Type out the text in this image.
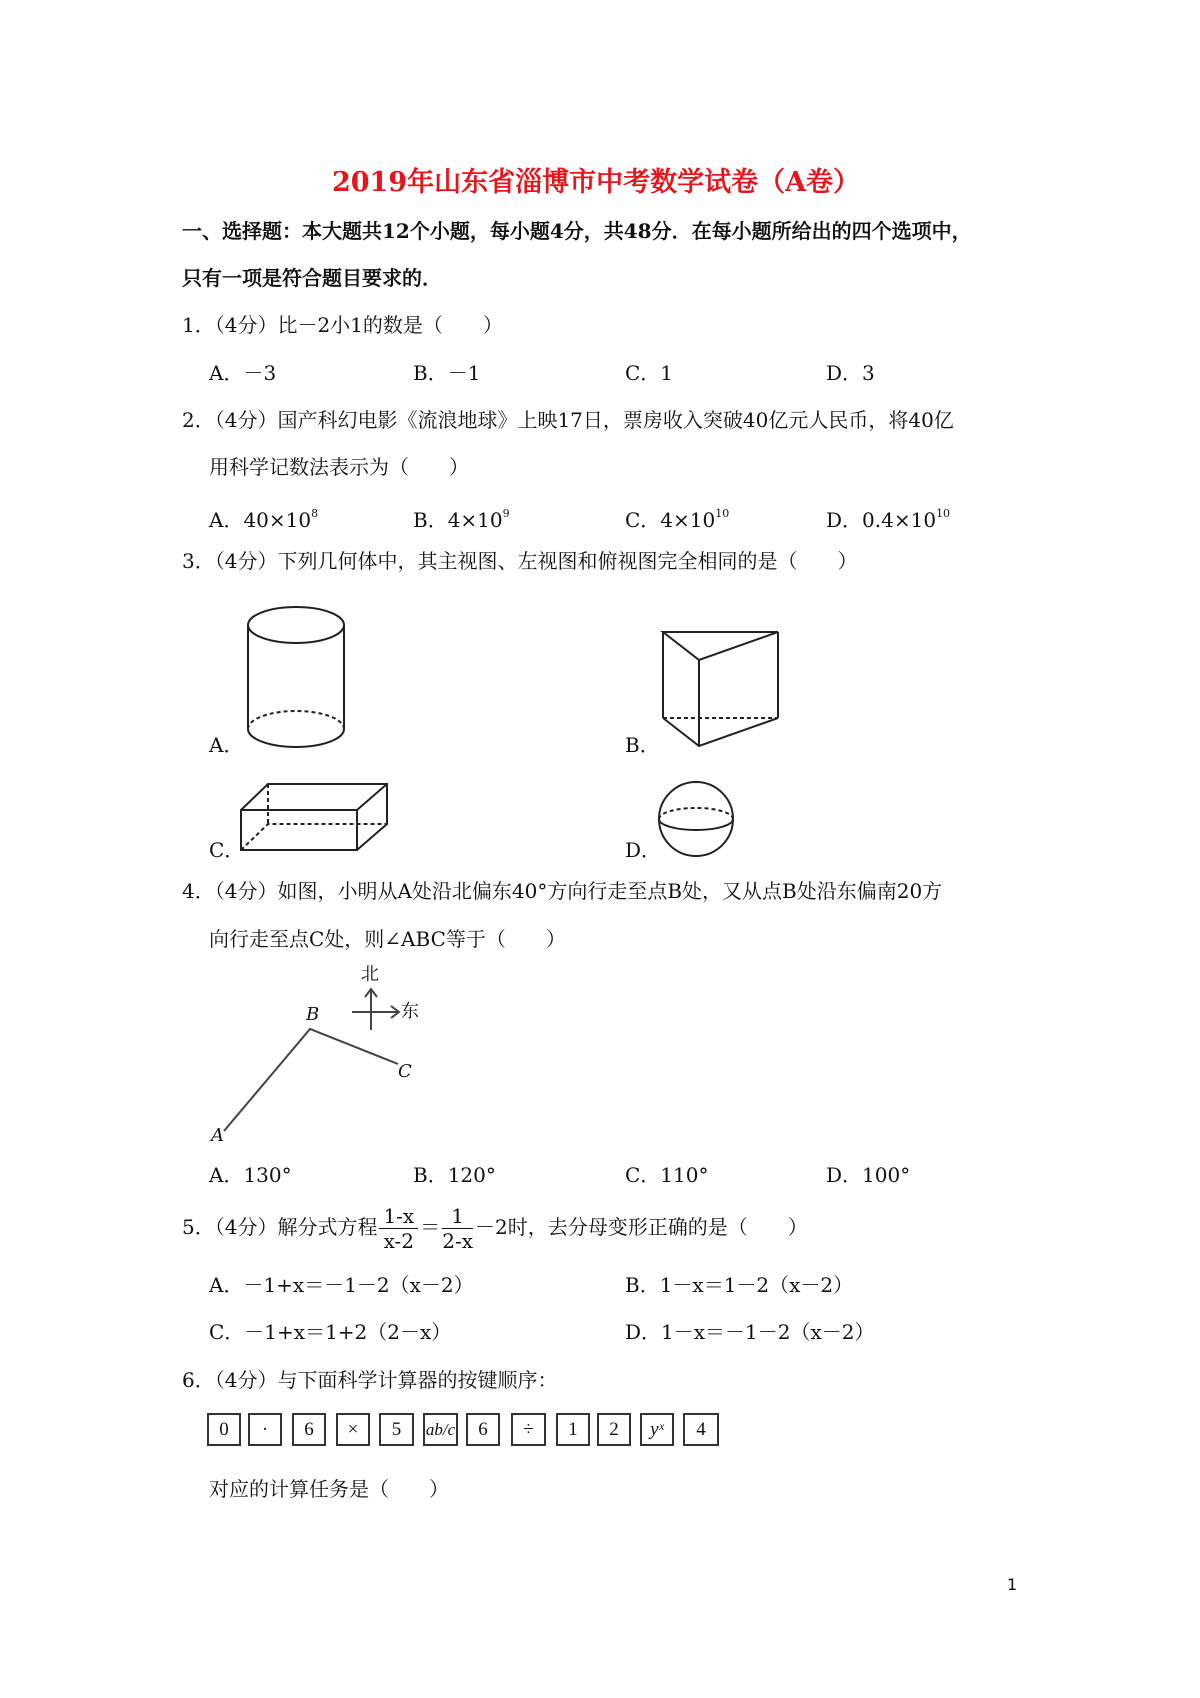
2019年山东省淄博市中考数学试卷（A卷）
一、选择题：本大题共12个小题，每小题4分，共48分．在每小题所给出的四个选项中，
只有一项是符合题目要求的．
1．（4分）比－2小1的数是（　　）
A．－3	B．－1	C．1	D．3
2．（4分）国产科幻电影《流浪地球》上映17日，票房收入突破40亿元人民币，将40亿
用科学记数法表示为（　　）
A．$40\times 10^8$	B．$4\times 10^9$	C．$4\times 10^{10}$	D．$0.4\times 10^{10}$
3．（4分）下列几何体中，其主视图、左视图和俯视图完全相同的是（　　）
A．	B．
C．	D．
4．（4分）如图，小明从A处沿北偏东40°方向行走至点B处，又从点B处沿东偏南20方
向行走至点C处，则∠ABC等于（　　）
A
B
C
北
东
A．130°	B．120°	C．110°	D．100°
5．（4分）解分式方程 $\frac{1-x}{x-2} = \frac{1}{2-x} -2$时，去分母变形正确的是（　　）
A．－1+x＝－1－2（x－2）	B．1－x＝1－2（x－2）
C．－1+x＝1+2（2－x）	D．1－x＝－1－2（x－2）
6．（4分）与下面科学计算器的按键顺序：
0	·	6	×	5	ab/c	6	÷	1	2	yˣ	4
对应的计算任务是（　　）
1
